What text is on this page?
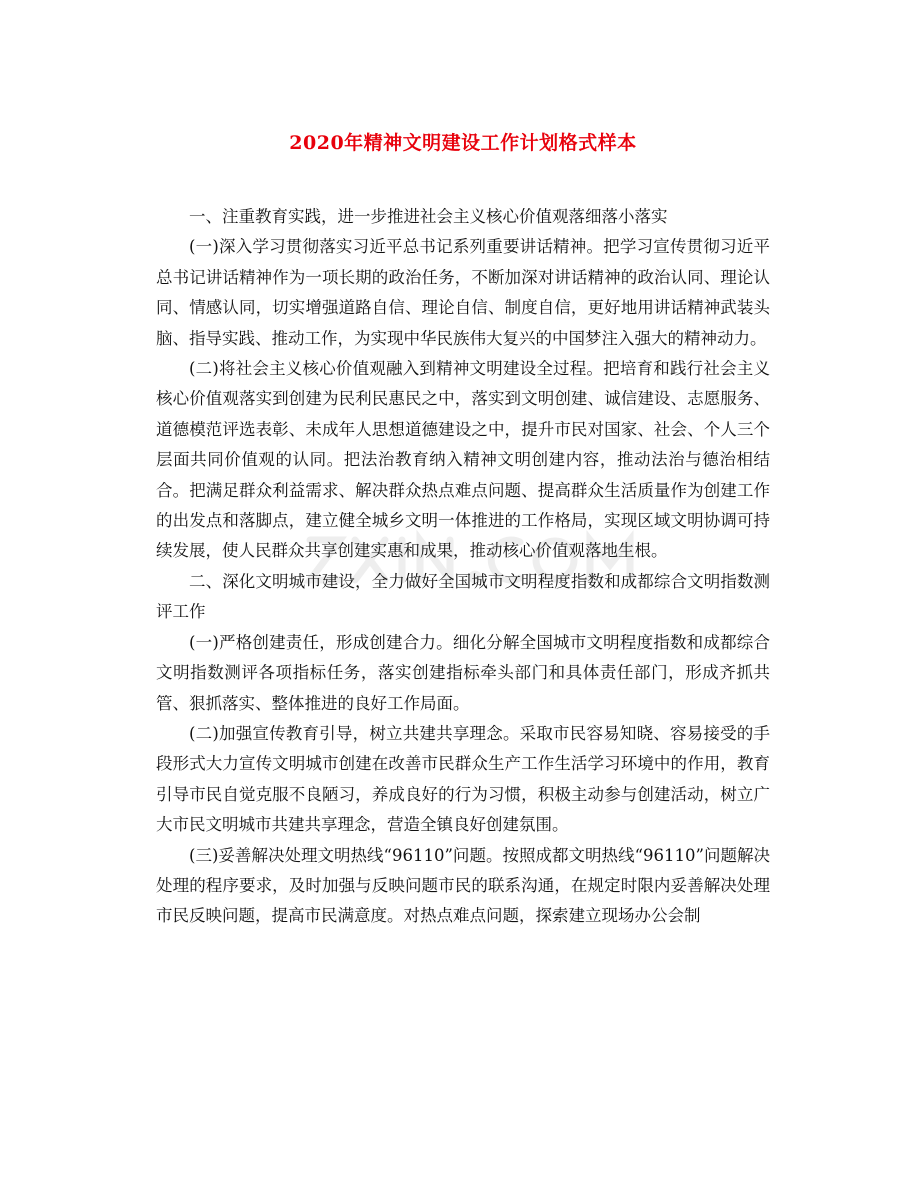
2020年精神文明建设工作计划格式样本

一、注重教育实践，进一步推进社会主义核心价值观落细落小落实

(一)深入学习贯彻落实习近平总书记系列重要讲话精神。把学习宣传贯彻习近平总书记讲话精神作为一项长期的政治任务，不断加深对讲话精神的政治认同、理论认同、情感认同，切实增强道路自信、理论自信、制度自信，更好地用讲话精神武装头脑、指导实践、推动工作，为实现中华民族伟大复兴的中国梦注入强大的精神动力。

(二)将社会主义核心价值观融入到精神文明建设全过程。把培育和践行社会主义核心价值观落实到创建为民利民惠民之中，落实到文明创建、诚信建设、志愿服务、道德模范评选表彰、未成年人思想道德建设之中，提升市民对国家、社会、个人三个层面共同价值观的认同。把法治教育纳入精神文明创建内容，推动法治与德治相结合。把满足群众利益需求、解决群众热点难点问题、提高群众生活质量作为创建工作的出发点和落脚点，建立健全城乡文明一体推进的工作格局，实现区域文明协调可持续发展，使人民群众共享创建实惠和成果，推动核心价值观落地生根。

二、深化文明城市建设，全力做好全国城市文明程度指数和成都综合文明指数测评工作

(一)严格创建责任，形成创建合力。细化分解全国城市文明程度指数和成都综合文明指数测评各项指标任务，落实创建指标牵头部门和具体责任部门，形成齐抓共管、狠抓落实、整体推进的良好工作局面。

(二)加强宣传教育引导，树立共建共享理念。采取市民容易知晓、容易接受的手段形式大力宣传文明城市创建在改善市民群众生产工作生活学习环境中的作用，教育引导市民自觉克服不良陋习，养成良好的行为习惯，积极主动参与创建活动，树立广大市民文明城市共建共享理念，营造全镇良好创建氛围。

(三)妥善解决处理文明热线“96110”问题。按照成都文明热线“96110”问题解决处理的程序要求，及时加强与反映问题市民的联系沟通，在规定时限内妥善解决处理市民反映问题，提高市民满意度。对热点难点问题，探索建立现场办公会制
